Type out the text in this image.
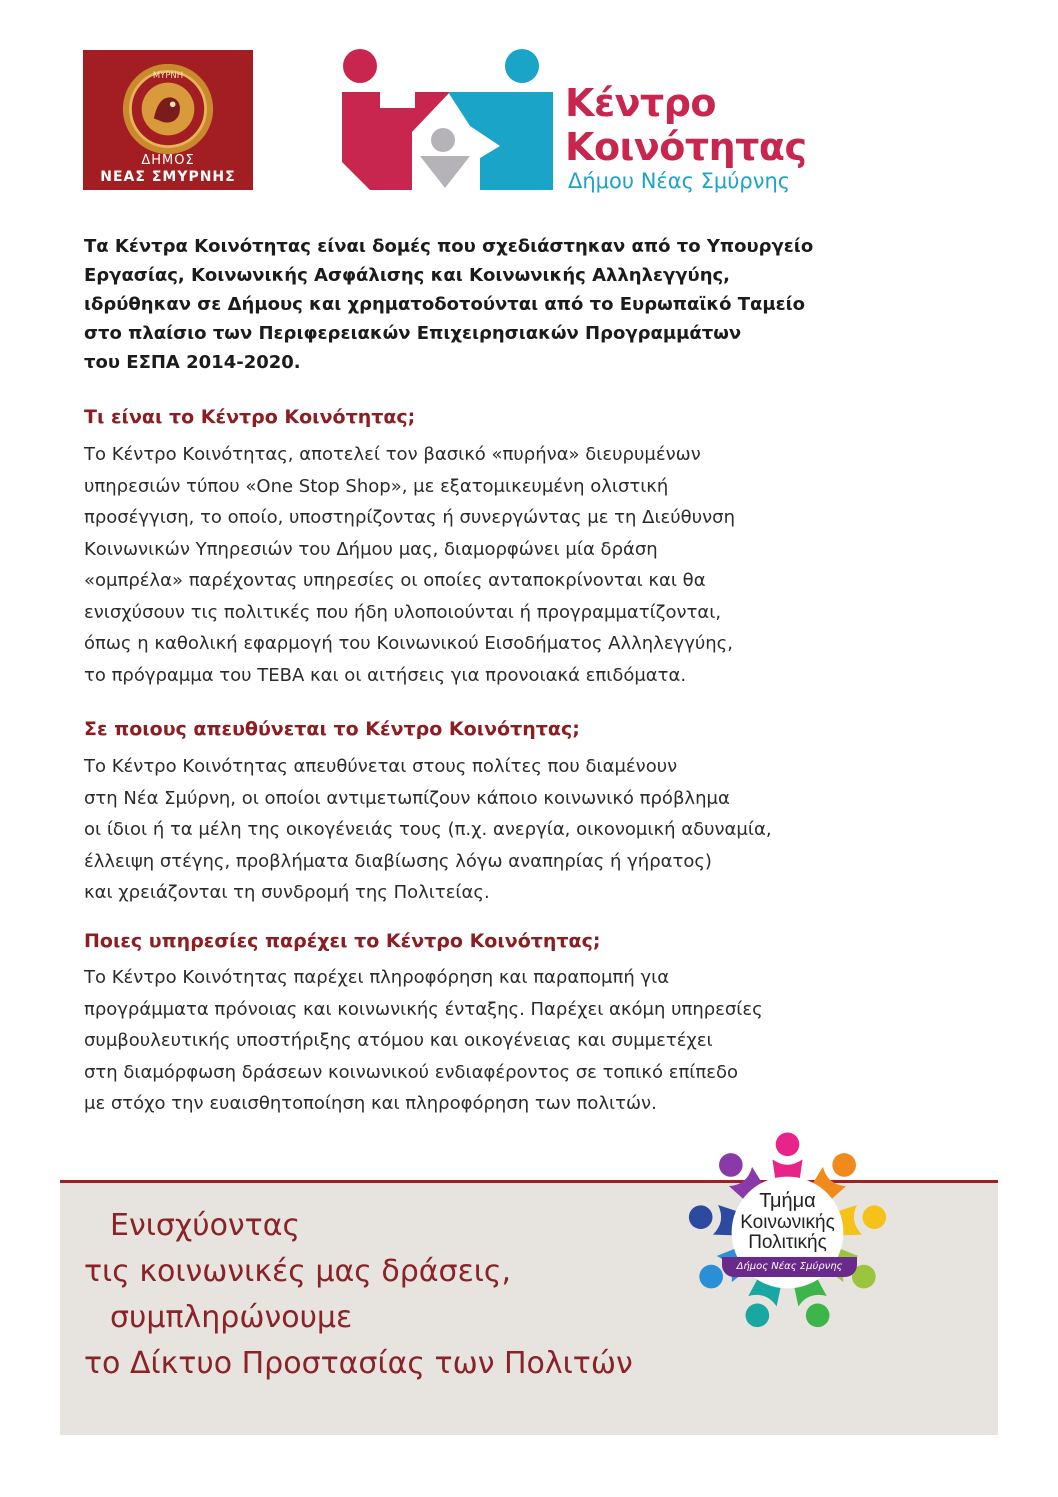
ΜΥΡΝΗ
ΔΗΜΟΣ
ΝΕΑΣ ΣΜΥΡΝΗΣ
Κέντρο
Κοινότητας
Δήμου Νέας Σμύρνης
Τα Κέντρα Κοινότητας είναι δομές που σχεδιάστηκαν από το Υπουργείο
Εργασίας, Κοινωνικής Ασφάλισης και Κοινωνικής Αλληλεγγύης,
ιδρύθηκαν σε Δήμους και χρηματοδοτούνται από το Ευρωπαϊκό Ταμείο
στο πλαίσιο των Περιφερειακών Επιχειρησιακών Προγραμμάτων
του ΕΣΠΑ 2014-2020.
Τι είναι το Κέντρο Κοινότητας;
Το Κέντρο Κοινότητας, αποτελεί τον βασικό «πυρήνα» διευρυμένων
υπηρεσιών τύπου «One Stop Shop», με εξατομικευμένη ολιστική
προσέγγιση, το οποίο, υποστηρίζοντας ή συνεργώντας με τη Διεύθυνση
Κοινωνικών Υπηρεσιών του Δήμου μας, διαμορφώνει μία δράση
«ομπρέλα» παρέχοντας υπηρεσίες οι οποίες ανταποκρίνονται και θα
ενισχύσουν τις πολιτικές που ήδη υλοποιούνται ή προγραμματίζονται,
όπως η καθολική εφαρμογή του Κοινωνικού Εισοδήματος Αλληλεγγύης,
το πρόγραμμα του ΤΕΒΑ και οι αιτήσεις για προνοιακά επιδόματα.
Σε ποιους απευθύνεται το Κέντρο Κοινότητας;
Το Κέντρο Κοινότητας απευθύνεται στους πολίτες που διαμένουν
στη Νέα Σμύρνη, οι οποίοι αντιμετωπίζουν κάποιο κοινωνικό πρόβλημα
οι ίδιοι ή τα μέλη της οικογένειάς τους (π.χ. ανεργία, οικονομική αδυναμία,
έλλειψη στέγης, προβλήματα διαβίωσης λόγω αναπηρίας ή γήρατος)
και χρειάζονται τη συνδρομή της Πολιτείας.
Ποιες υπηρεσίες παρέχει το Κέντρο Κοινότητας;
Το Κέντρο Κοινότητας παρέχει πληροφόρηση και παραπομπή για
προγράμματα πρόνοιας και κοινωνικής ένταξης. Παρέχει ακόμη υπηρεσίες
συμβουλευτικής υποστήριξης ατόμου και οικογένειας και συμμετέχει
στη διαμόρφωση δράσεων κοινωνικού ενδιαφέροντος σε τοπικό επίπεδο
με στόχο την ευαισθητοποίηση και πληροφόρηση των πολιτών.
Ενισχύοντας
τις κοινωνικές μας δράσεις,
συμπληρώνουμε
το Δίκτυο Προστασίας των Πολιτών
Τμήμα
Κοινωνικής
Πολιτικής
Δήμος Νέας Σμύρνης
